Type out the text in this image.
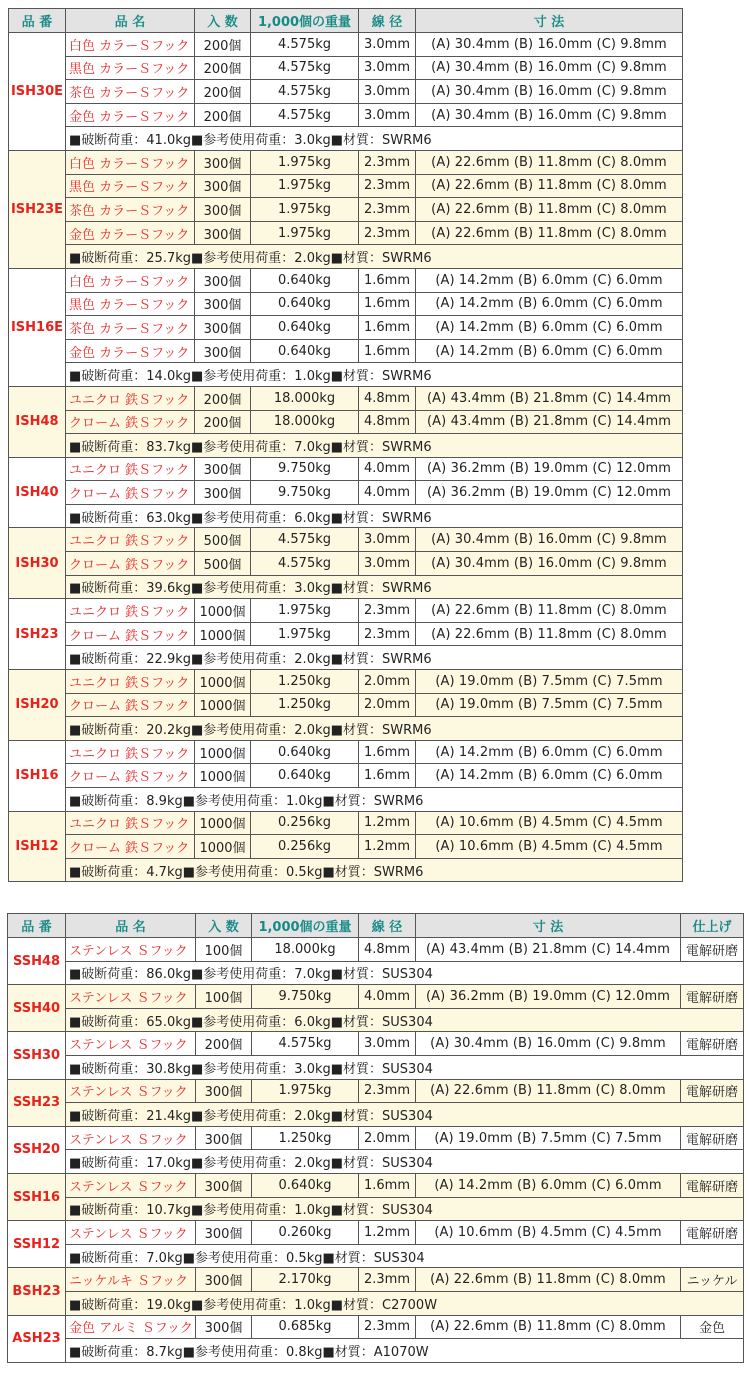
品 番	品 名	入 数	1,000個の重量	線 径	寸 法
ISH30E	白色 カラーＳフック	200個	4.575kg	3.0mm	(A) 30.4mm (B) 16.0mm (C) 9.8mm
	黒色 カラーＳフック	200個	4.575kg	3.0mm	(A) 30.4mm (B) 16.0mm (C) 9.8mm
	茶色 カラーＳフック	200個	4.575kg	3.0mm	(A) 30.4mm (B) 16.0mm (C) 9.8mm
	金色 カラーＳフック	200個	4.575kg	3.0mm	(A) 30.4mm (B) 16.0mm (C) 9.8mm
	■破断荷重：41.0kg■参考使用荷重：3.0kg■材質：SWRM6				
ISH23E	白色 カラーＳフック	300個	1.975kg	2.3mm	(A) 22.6mm (B) 11.8mm (C) 8.0mm
	黒色 カラーＳフック	300個	1.975kg	2.3mm	(A) 22.6mm (B) 11.8mm (C) 8.0mm
	茶色 カラーＳフック	300個	1.975kg	2.3mm	(A) 22.6mm (B) 11.8mm (C) 8.0mm
	金色 カラーＳフック	300個	1.975kg	2.3mm	(A) 22.6mm (B) 11.8mm (C) 8.0mm
	■破断荷重：25.7kg■参考使用荷重：2.0kg■材質：SWRM6				
ISH16E	白色 カラーＳフック	300個	0.640kg	1.6mm	(A) 14.2mm (B) 6.0mm (C) 6.0mm
	黒色 カラーＳフック	300個	0.640kg	1.6mm	(A) 14.2mm (B) 6.0mm (C) 6.0mm
	茶色 カラーＳフック	300個	0.640kg	1.6mm	(A) 14.2mm (B) 6.0mm (C) 6.0mm
	金色 カラーＳフック	300個	0.640kg	1.6mm	(A) 14.2mm (B) 6.0mm (C) 6.0mm
	■破断荷重：14.0kg■参考使用荷重：1.0kg■材質：SWRM6				
ISH48	ユニクロ 鉄Ｓフック	200個	18.000kg	4.8mm	(A) 43.4mm (B) 21.8mm (C) 14.4mm
	クローム 鉄Ｓフック	200個	18.000kg	4.8mm	(A) 43.4mm (B) 21.8mm (C) 14.4mm
	■破断荷重：83.7kg■参考使用荷重：7.0kg■材質：SWRM6				
ISH40	ユニクロ 鉄Ｓフック	300個	9.750kg	4.0mm	(A) 36.2mm (B) 19.0mm (C) 12.0mm
	クローム 鉄Ｓフック	300個	9.750kg	4.0mm	(A) 36.2mm (B) 19.0mm (C) 12.0mm
	■破断荷重：63.0kg■参考使用荷重：6.0kg■材質：SWRM6				
ISH30	ユニクロ 鉄Ｓフック	500個	4.575kg	3.0mm	(A) 30.4mm (B) 16.0mm (C) 9.8mm
	クローム 鉄Ｓフック	500個	4.575kg	3.0mm	(A) 30.4mm (B) 16.0mm (C) 9.8mm
	■破断荷重：39.6kg■参考使用荷重：3.0kg■材質：SWRM6				
ISH23	ユニクロ 鉄Ｓフック	1000個	1.975kg	2.3mm	(A) 22.6mm (B) 11.8mm (C) 8.0mm
	クローム 鉄Ｓフック	1000個	1.975kg	2.3mm	(A) 22.6mm (B) 11.8mm (C) 8.0mm
	■破断荷重：22.9kg■参考使用荷重：2.0kg■材質：SWRM6				
ISH20	ユニクロ 鉄Ｓフック	1000個	1.250kg	2.0mm	(A) 19.0mm (B) 7.5mm (C) 7.5mm
	クローム 鉄Ｓフック	1000個	1.250kg	2.0mm	(A) 19.0mm (B) 7.5mm (C) 7.5mm
	■破断荷重：20.2kg■参考使用荷重：2.0kg■材質：SWRM6				
ISH16	ユニクロ 鉄Ｓフック	1000個	0.640kg	1.6mm	(A) 14.2mm (B) 6.0mm (C) 6.0mm
	クローム 鉄Ｓフック	1000個	0.640kg	1.6mm	(A) 14.2mm (B) 6.0mm (C) 6.0mm
	■破断荷重：8.9kg■参考使用荷重：1.0kg■材質：SWRM6				
ISH12	ユニクロ 鉄Ｓフック	1000個	0.256kg	1.2mm	(A) 10.6mm (B) 4.5mm (C) 4.5mm
	クローム 鉄Ｓフック	1000個	0.256kg	1.2mm	(A) 10.6mm (B) 4.5mm (C) 4.5mm
	■破断荷重：4.7kg■参考使用荷重：0.5kg■材質：SWRM6				
品 番	品 名	入 数	1,000個の重量	線 径	寸 法	仕上げ
SSH48	ステンレス Ｓフック	100個	18.000kg	4.8mm	(A) 43.4mm (B) 21.8mm (C) 14.4mm	電解研磨
	■破断荷重：86.0kg■参考使用荷重：7.0kg■材質：SUS304					
SSH40	ステンレス Ｓフック	100個	9.750kg	4.0mm	(A) 36.2mm (B) 19.0mm (C) 12.0mm	電解研磨
	■破断荷重：65.0kg■参考使用荷重：6.0kg■材質：SUS304					
SSH30	ステンレス Ｓフック	200個	4.575kg	3.0mm	(A) 30.4mm (B) 16.0mm (C) 9.8mm	電解研磨
	■破断荷重：30.8kg■参考使用荷重：3.0kg■材質：SUS304					
SSH23	ステンレス Ｓフック	300個	1.975kg	2.3mm	(A) 22.6mm (B) 11.8mm (C) 8.0mm	電解研磨
	■破断荷重：21.4kg■参考使用荷重：2.0kg■材質：SUS304					
SSH20	ステンレス Ｓフック	300個	1.250kg	2.0mm	(A) 19.0mm (B) 7.5mm (C) 7.5mm	電解研磨
	■破断荷重：17.0kg■参考使用荷重：2.0kg■材質：SUS304					
SSH16	ステンレス Ｓフック	300個	0.640kg	1.6mm	(A) 14.2mm (B) 6.0mm (C) 6.0mm	電解研磨
	■破断荷重：10.7kg■参考使用荷重：1.0kg■材質：SUS304					
SSH12	ステンレス Ｓフック	300個	0.260kg	1.2mm	(A) 10.6mm (B) 4.5mm (C) 4.5mm	電解研磨
	■破断荷重：7.0kg■参考使用荷重：0.5kg■材質：SUS304					
BSH23	ニッケルキ Ｓフック	300個	2.170kg	2.3mm	(A) 22.6mm (B) 11.8mm (C) 8.0mm	ニッケル
	■破断荷重：19.0kg■参考使用荷重：1.0kg■材質：C2700W					
ASH23	金色 アルミ Ｓフック	300個	0.685kg	2.3mm	(A) 22.6mm (B) 11.8mm (C) 8.0mm	金色
	■破断荷重：8.7kg■参考使用荷重：0.8kg■材質：A1070W					
